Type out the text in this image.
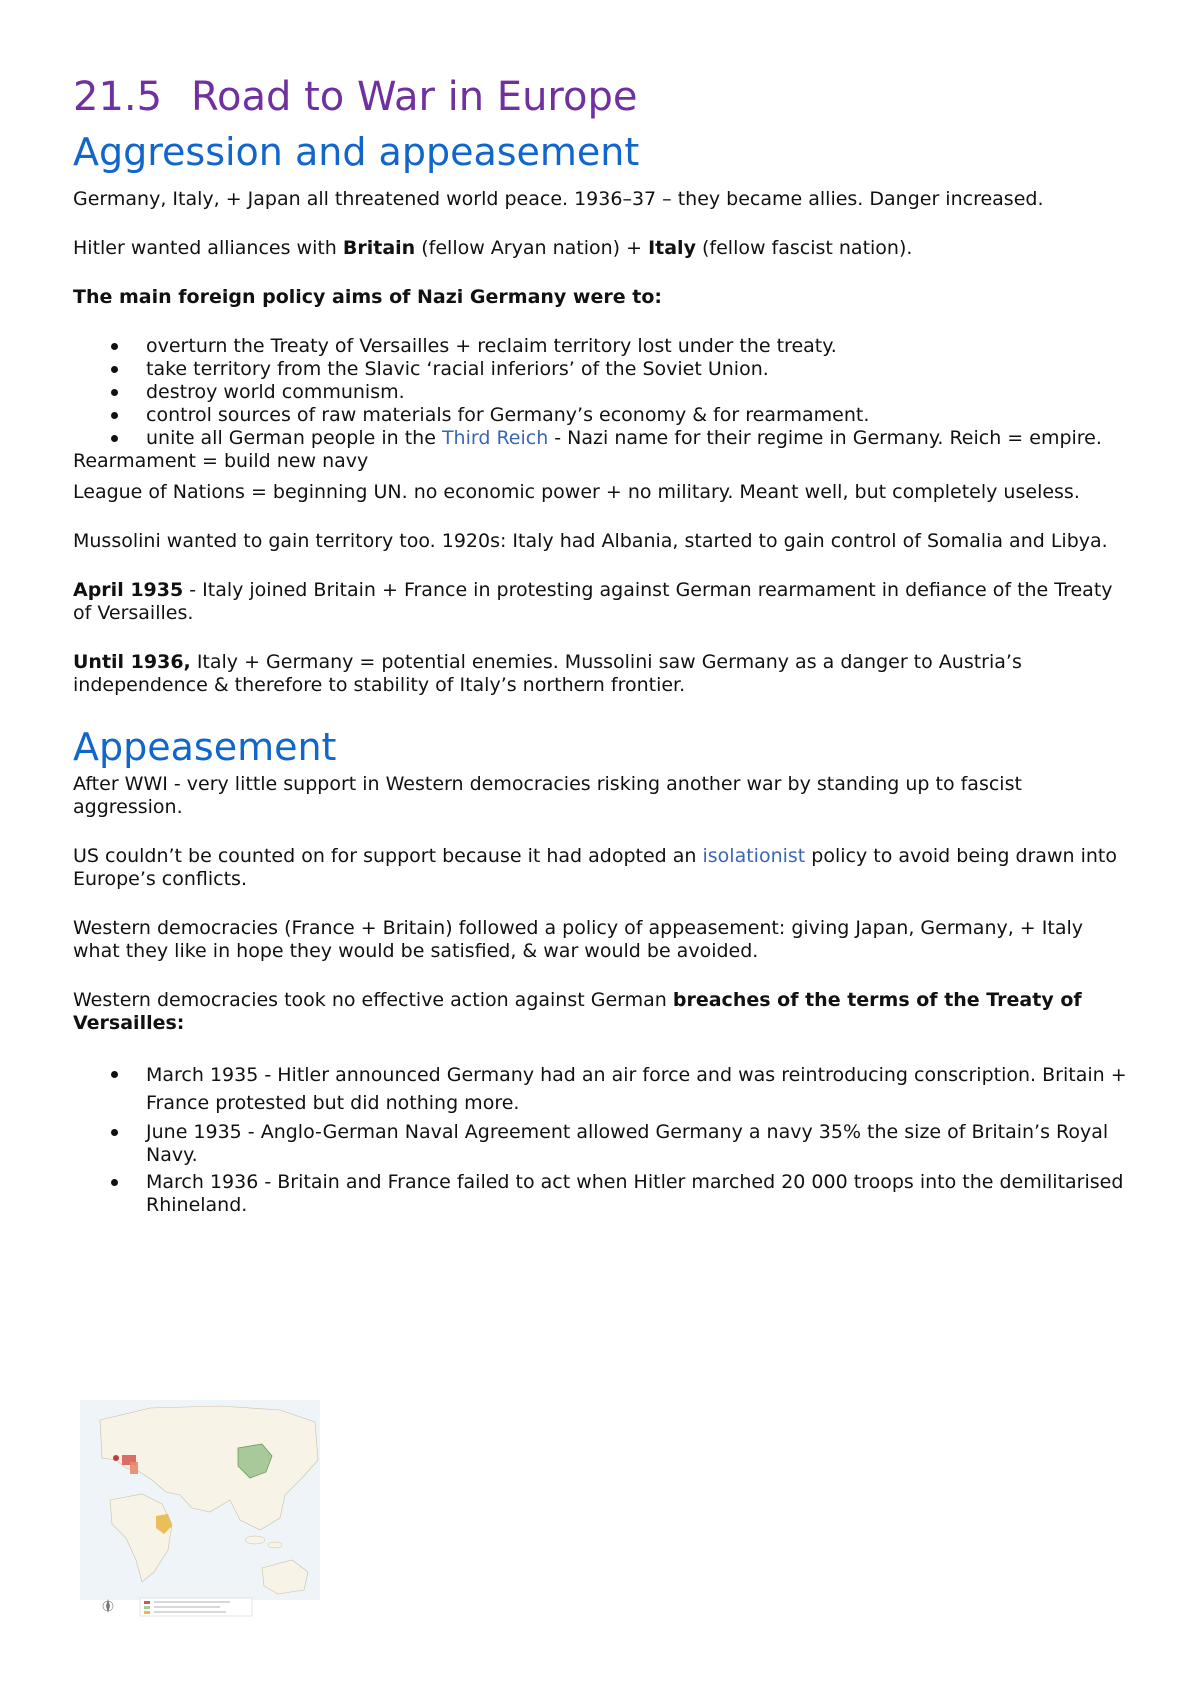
21.5 Road to War in Europe
Aggression and appeasement

Germany, Italy, + Japan all threatened world peace. 1936–37 – they became allies. Danger increased.

Hitler wanted alliances with Britain (fellow Aryan nation) + Italy (fellow fascist nation).

The main foreign policy aims of Nazi Germany were to:

overturn the Treaty of Versailles + reclaim territory lost under the treaty.
take territory from the Slavic ‘racial inferiors’ of the Soviet Union.
destroy world communism.
control sources of raw materials for Germany’s economy & for rearmament.
unite all German people in the Third Reich - Nazi name for their regime in Germany. Reich = empire.

Rearmament = build new navy

League of Nations = beginning UN. no economic power + no military. Meant well, but completely useless.

Mussolini wanted to gain territory too. 1920s: Italy had Albania, started to gain control of Somalia and Libya.

April 1935 - Italy joined Britain + France in protesting against German rearmament in defiance of the Treaty of Versailles.

Until 1936, Italy + Germany = potential enemies. Mussolini saw Germany as a danger to Austria’s independence & therefore to stability of Italy’s northern frontier.

Appeasement

After WWI - very little support in Western democracies risking another war by standing up to fascist aggression.

US couldn’t be counted on for support because it had adopted an isolationist policy to avoid being drawn into Europe’s conflicts.

Western democracies (France + Britain) followed a policy of appeasement: giving Japan, Germany, + Italy what they like in hope they would be satisfied, & war would be avoided.

Western democracies took no effective action against German breaches of the terms of the Treaty of Versailles:

March 1935 - Hitler announced Germany had an air force and was reintroducing conscription. Britain + France protested but did nothing more.
June 1935 - Anglo-German Naval Agreement allowed Germany a navy 35% the size of Britain’s Royal Navy.
March 1936 - Britain and France failed to act when Hitler marched 20 000 troops into the demilitarised Rhineland.
